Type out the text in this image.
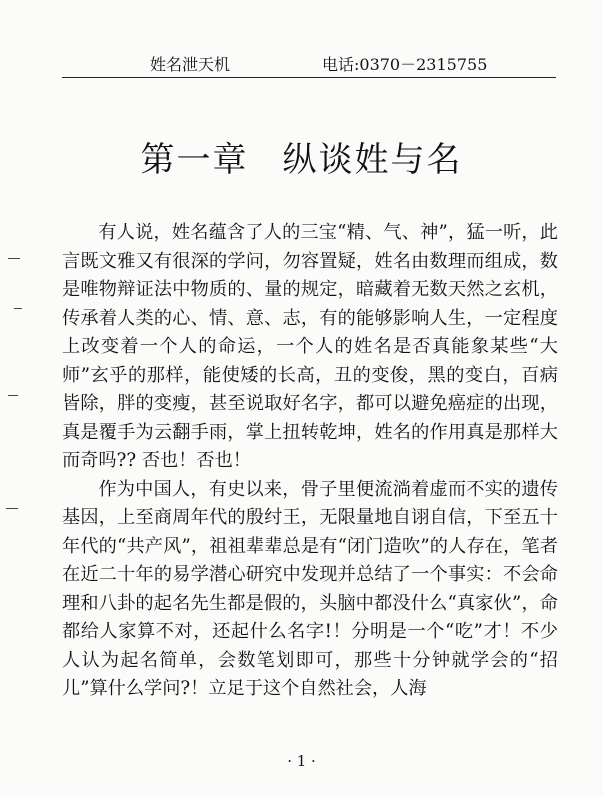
姓名泄天机	电话:0370－2315755
第一章 纵谈姓与名

有人说，姓名蕴含了人的三宝“精、气、神”，猛一听，此言既文雅又有很深的学问，勿容置疑，姓名由数理而组成，数是唯物辩证法中物质的、量的规定，暗藏着无数天然之玄机，传承着人类的心、情、意、志，有的能够影响人生，一定程度上改变着一个人的命运，一个人的姓名是否真能象某些“大师”玄乎的那样，能使矮的长高，丑的变俊，黑的变白，百病皆除，胖的变瘦，甚至说取好名字，都可以避免癌症的出现，真是覆手为云翻手雨，掌上扭转乾坤，姓名的作用真是那样大而奇吗?? 否也！否也！

作为中国人，有史以来，骨子里便流淌着虚而不实的遗传基因，上至商周年代的殷纣王，无限量地自诩自信，下至五十年代的“共产风”，祖祖辈辈总是有“闭门造吹”的人存在，笔者在近二十年的易学潜心研究中发现并总结了一个事实：不会命理和八卦的起名先生都是假的，头脑中都没什么“真家伙”，命都给人家算不对，还起什么名字!！分明是一个“吃”才！不少人认为起名简单，会数笔划即可，那些十分钟就学会的“招儿”算什么学问?！立足于这个自然社会，人海

· 1 ·
